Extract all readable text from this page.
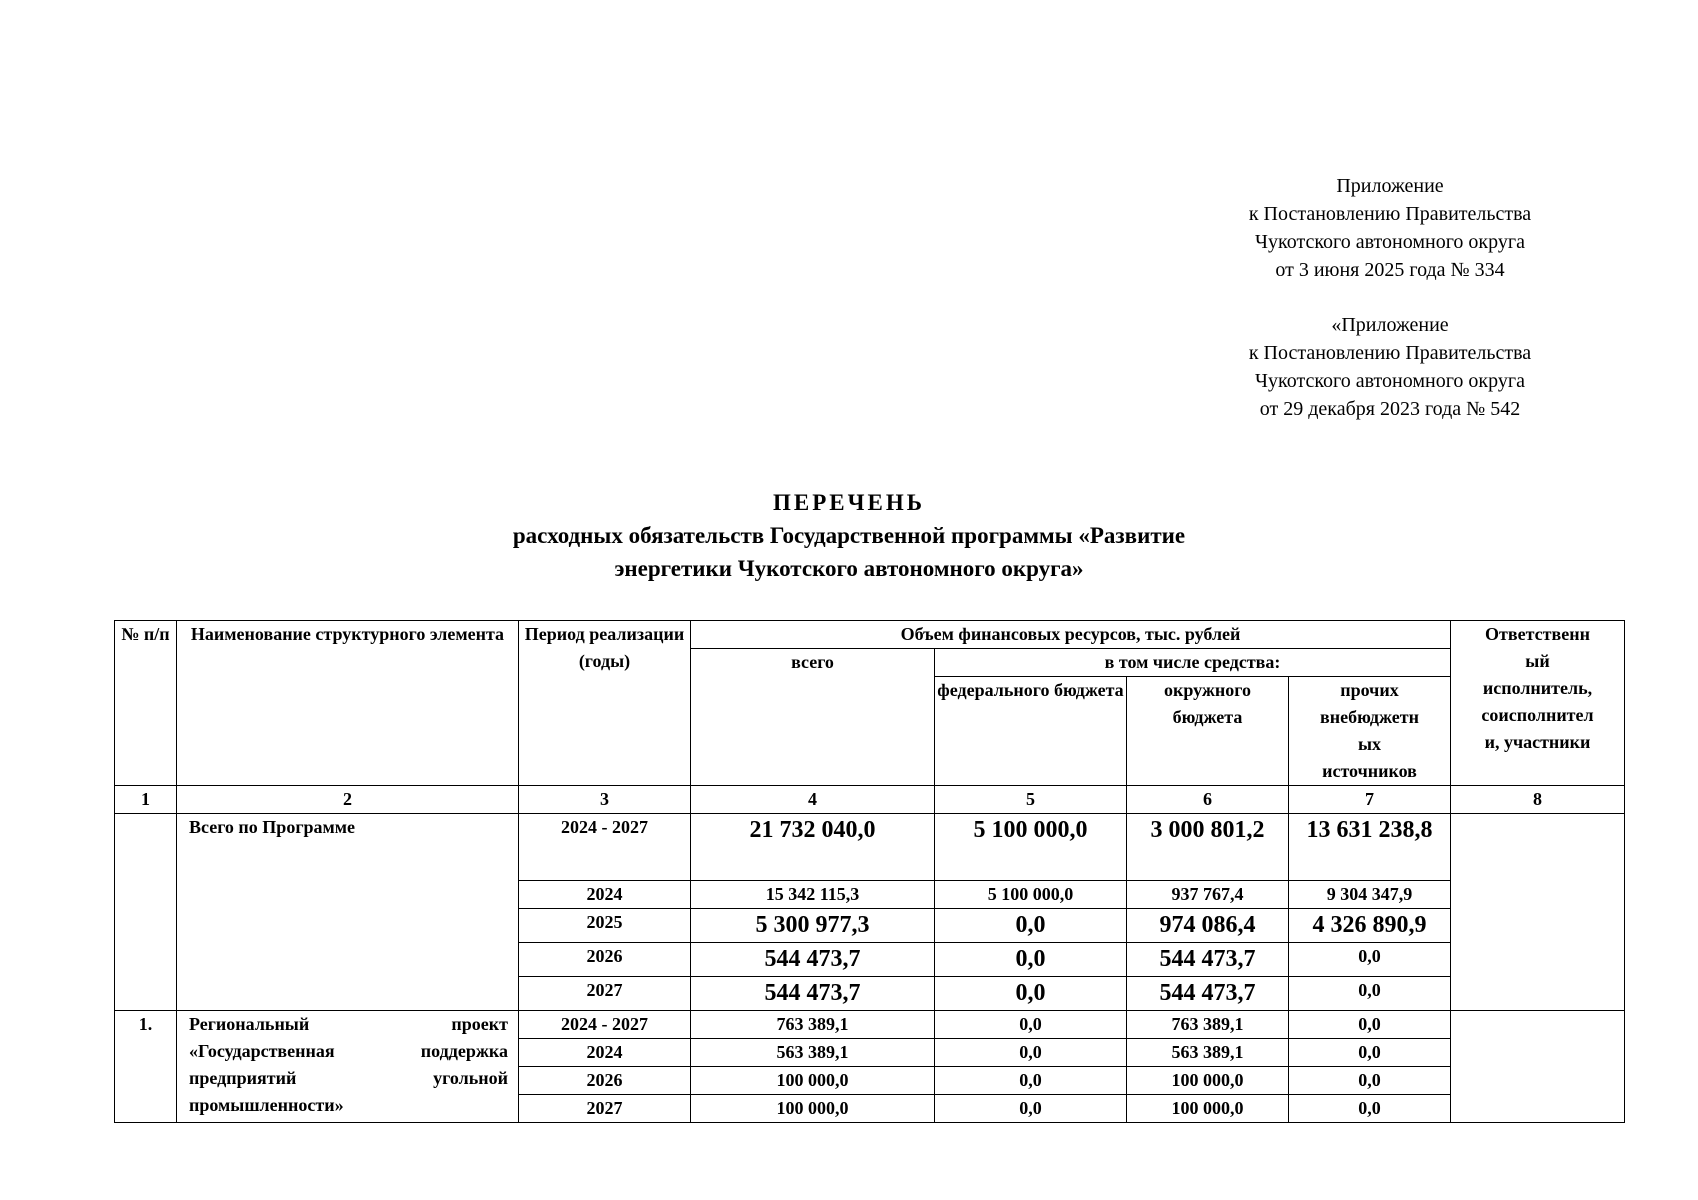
Приложение
к Постановлению Правительства
Чукотского автономного округа
от 3 июня 2025 года № 334
«Приложение
к Постановлению Правительства
Чукотского автономного округа
от 29 декабря 2023 года № 542
ПЕРЕЧЕНЬ
расходных обязательств Государственной программы «Развитие
энергетики Чукотского автономного округа»
№ п/п	Наименование структурного элемента	Период реализации (годы)	Объем финансовых ресурсов, тыс. рублей				Ответственн
ый
исполнитель,
соисполнител
и, участники
			всего	в том числе средства:			
				федерального бюджета	окружного бюджета	прочих
внебюджетн
ых
источников	
1	2	3	4	5	6	7	8
	Всего по Программе	2024 - 2027	21 732 040,0	5 100 000,0	3 000 801,2	13 631 238,8	
		2024	15 342 115,3	5 100 000,0	937 767,4	9 304 347,9	
		2025	5 300 977,3	0,0	974 086,4	4 326 890,9	
		2026	544 473,7	0,0	544 473,7	0,0	
		2027	544 473,7	0,0	544 473,7	0,0	
1.	Региональный проект «Государственная поддержка предприятий угольной промышленности»	2024 - 2027	763 389,1	0,0	763 389,1	0,0	
		2024	563 389,1	0,0	563 389,1	0,0	
		2026	100 000,0	0,0	100 000,0	0,0	
		2027	100 000,0	0,0	100 000,0	0,0	
